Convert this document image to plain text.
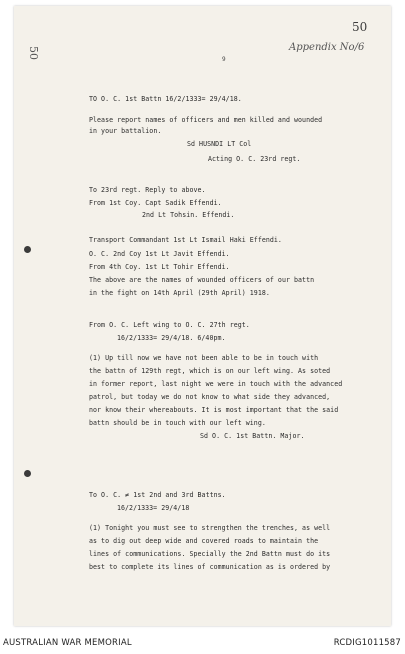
50

50	Appendix No/6

9

TO O. C. 1st Battn 16/2/1333= 29/4/18.

Please report names of officers and men killed and wounded

in your battalion.

Sd HUSNDI LT Col

Acting O. C. 23rd regt.

To 23rd regt. Reply to above.

From 1st Coy. Capt Sadik Effendi.

2nd Lt Tohsin. Effendi.

Transport Commandant 1st Lt Ismail Haki Effendi.

O. C. 2nd Coy 1st Lt Javit Effendi.

From 4th Coy. 1st Lt Tohir Effendi.

The above are the names of wounded officers of our battn

in the fight on 14th April (29th April) 1918.

From O. C. Left wing to O. C. 27th regt.

16/2/1333= 29/4/18. 6/40pm.

(1) Up till now we have not been able to be in touch with

the battn of 129th regt, which is on our left wing. As soted

in former report, last night we were in touch with the advanced

patrol, but today we do not know to what side they advanced,

nor know their whereabouts. It is most important that the said

battn should be in touch with our left wing.

Sd O. C. 1st Battn. Major.

To O. C. ≠ 1st 2nd and 3rd Battns.

16/2/1333= 29/4/18

(1) Tonight you must see to strengthen the trenches, as well

as to dig out deep wide and covered roads to maintain the

lines of communications. Specially the 2nd Battn must do its

best to complete its lines of communication as is ordered by

AUSTRALIAN WAR MEMORIAL	RCDIG1011587
